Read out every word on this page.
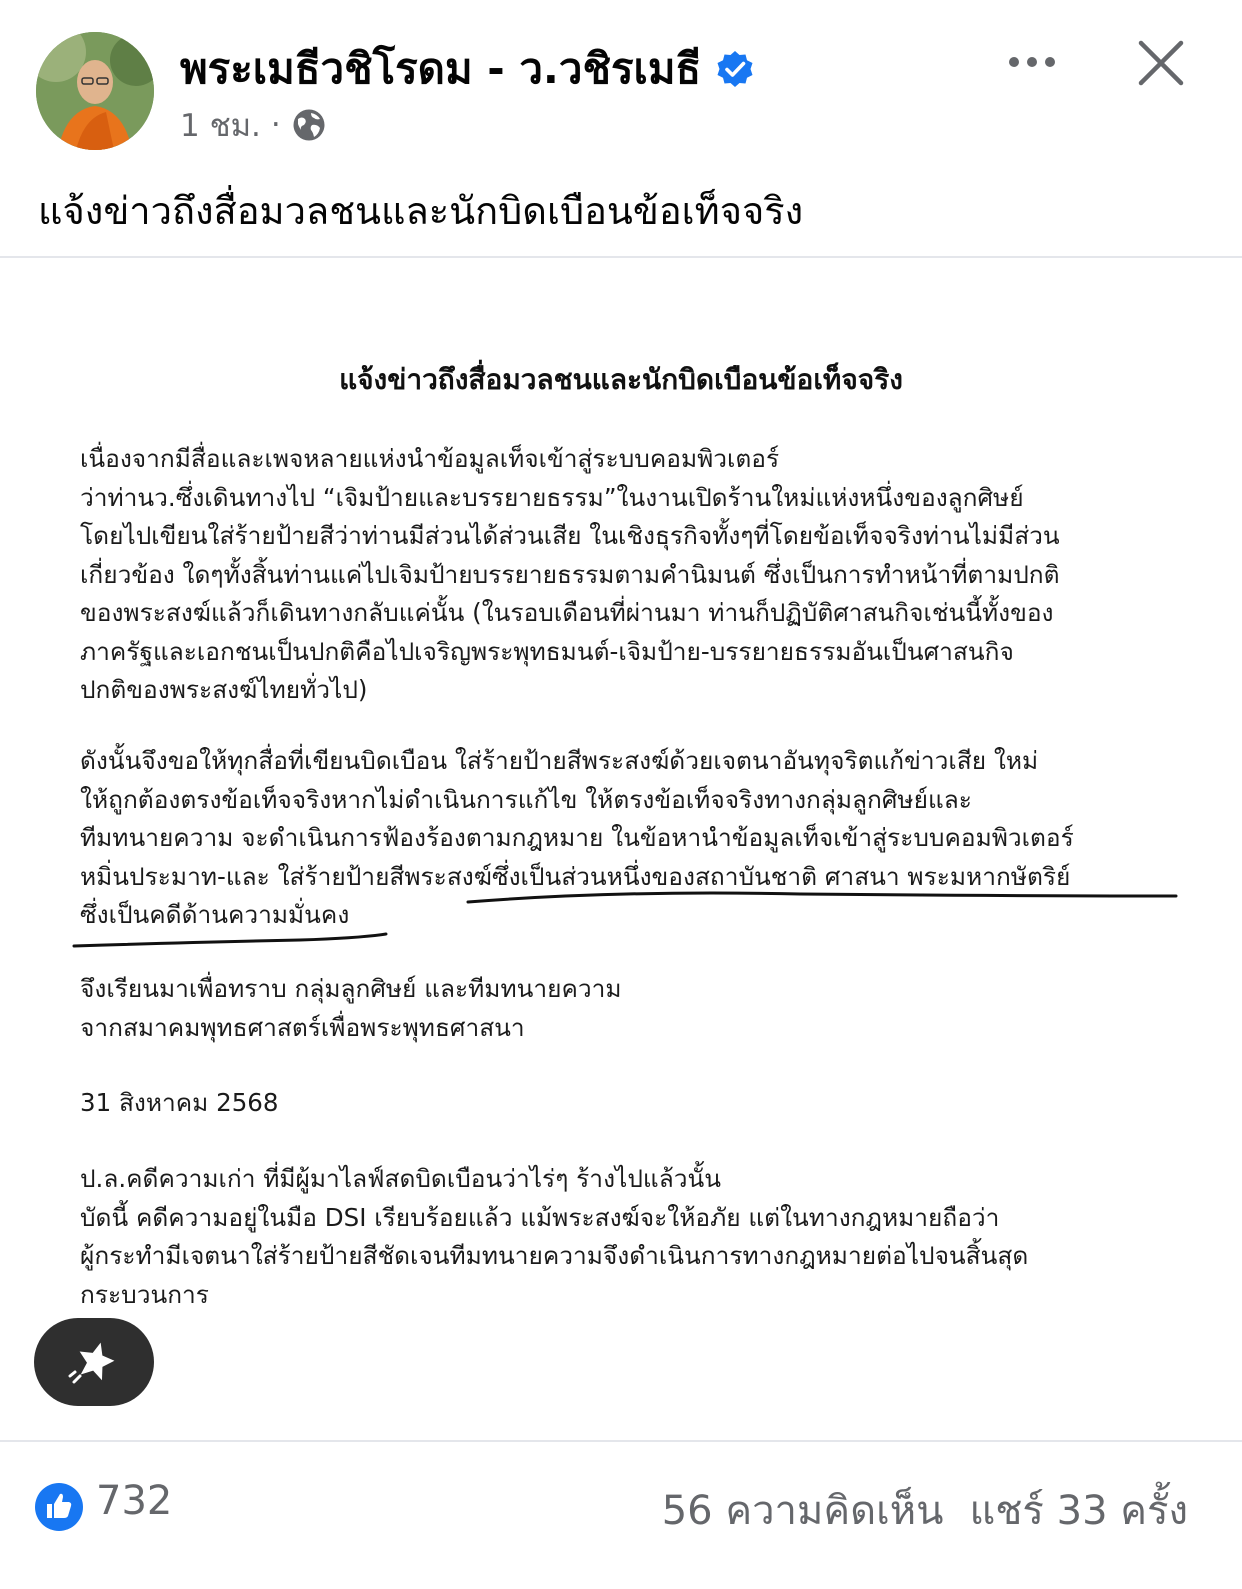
พระเมธีวชิโรดม - ว.วชิรเมธี
1 ชม. ·
แจ้งข่าวถึงสื่อมวลชนและนักบิดเบือนข้อเท็จจริง
แจ้งข่าวถึงสื่อมวลชนและนักบิดเบือนข้อเท็จจริง
เนื่องจากมีสื่อและเพจหลายแห่งนำข้อมูลเท็จเข้าสู่ระบบคอมพิวเตอร์
ว่าท่านว.ซึ่งเดินทางไป “เจิมป้ายและบรรยายธรรม”ในงานเปิดร้านใหม่แห่งหนึ่งของลูกศิษย์
โดยไปเขียนใส่ร้ายป้ายสีว่าท่านมีส่วนได้ส่วนเสีย ในเชิงธุรกิจทั้งๆที่โดยข้อเท็จจริงท่านไม่มีส่วน
เกี่ยวข้อง ใดๆทั้งสิ้นท่านแค่ไปเจิมป้ายบรรยายธรรมตามคำนิมนต์ ซึ่งเป็นการทำหน้าที่ตามปกติ
ของพระสงฆ์แล้วก็เดินทางกลับแค่นั้น (ในรอบเดือนที่ผ่านมา ท่านก็ปฏิบัติศาสนกิจเช่นนี้ทั้งของ
ภาครัฐและเอกชนเป็นปกติคือไปเจริญพระพุทธมนต์-เจิมป้าย-บรรยายธรรมอันเป็นศาสนกิจ
ปกติของพระสงฆ์ไทยทั่วไป)
ดังนั้นจึงขอให้ทุกสื่อที่เขียนบิดเบือน ใส่ร้ายป้ายสีพระสงฆ์ด้วยเจตนาอันทุจริตแก้ข่าวเสีย ใหม่
ให้ถูกต้องตรงข้อเท็จจริงหากไม่ดำเนินการแก้ไข ให้ตรงข้อเท็จจริงทางกลุ่มลูกศิษย์และ
ทีมทนายความ จะดำเนินการฟ้องร้องตามกฎหมาย ในข้อหานำข้อมูลเท็จเข้าสู่ระบบคอมพิวเตอร์
หมิ่นประมาท-และ ใส่ร้ายป้ายสีพระสงฆ์ซึ่งเป็นส่วนหนึ่งของสถาบันชาติ ศาสนา พระมหากษัตริย์
ซึ่งเป็นคดีด้านความมั่นคง
จึงเรียนมาเพื่อทราบ กลุ่มลูกศิษย์ และทีมทนายความ
จากสมาคมพุทธศาสตร์เพื่อพระพุทธศาสนา
31 สิงหาคม 2568
ป.ล.คดีความเก่า ที่มีผู้มาไลฟ์สดบิดเบือนว่าไร่ๆ ร้างไปแล้วนั้น
บัดนี้ คดีความอยู่ในมือ DSI เรียบร้อยแล้ว แม้พระสงฆ์จะให้อภัย แต่ในทางกฎหมายถือว่า
ผู้กระทำมีเจตนาใส่ร้ายป้ายสีชัดเจนทีมทนายความจึงดำเนินการทางกฎหมายต่อไปจนสิ้นสุด
กระบวนการ
732	56 ความคิดเห็น แชร์ 33 ครั้ง
